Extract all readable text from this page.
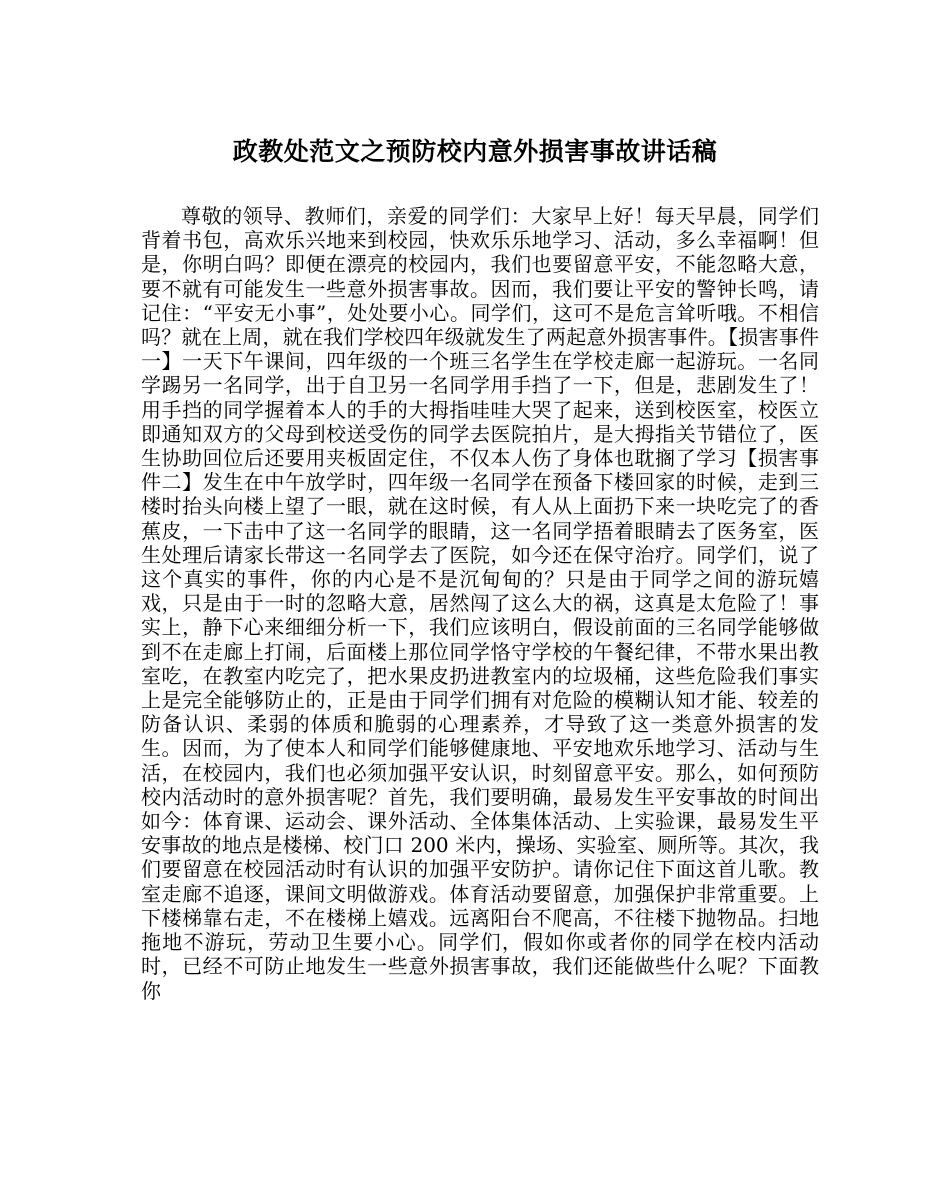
政教处范文之预防校内意外损害事故讲话稿

尊敬的领导、教师们，亲爱的同学们：大家早上好！每天早晨，同学们背着书包，高欢乐兴地来到校园，快欢乐乐地学习、活动，多么幸福啊！但是，你明白吗？即便在漂亮的校园内，我们也要留意平安，不能忽略大意，要不就有可能发生一些意外损害事故。因而，我们要让平安的警钟长鸣，请记住：“平安无小事”，处处要小心。同学们，这可不是危言耸听哦。不相信吗？就在上周，就在我们学校四年级就发生了两起意外损害事件。【损害事件一】一天下午课间，四年级的一个班三名学生在学校走廊一起游玩。一名同学踢另一名同学，出于自卫另一名同学用手挡了一下，但是，悲剧发生了！用手挡的同学握着本人的手的大拇指哇哇大哭了起来，送到校医室，校医立即通知双方的父母到校送受伤的同学去医院拍片，是大拇指关节错位了，医生协助回位后还要用夹板固定住，不仅本人伤了身体也耽搁了学习【损害事件二】发生在中午放学时，四年级一名同学在预备下楼回家的时候，走到三楼时抬头向楼上望了一眼，就在这时候，有人从上面扔下来一块吃完了的香蕉皮，一下击中了这一名同学的眼睛，这一名同学捂着眼睛去了医务室，医生处理后请家长带这一名同学去了医院，如今还在保守治疗。同学们，说了这个真实的事件，你的内心是不是沉甸甸的？只是由于同学之间的游玩嬉戏，只是由于一时的忽略大意，居然闯了这么大的祸，这真是太危险了！事实上，静下心来细细分析一下，我们应该明白，假设前面的三名同学能够做到不在走廊上打闹，后面楼上那位同学恪守学校的午餐纪律，不带水果出教室吃，在教室内吃完了，把水果皮扔进教室内的垃圾桶，这些危险我们事实上是完全能够防止的，正是由于同学们拥有对危险的模糊认知才能、较差的防备认识、柔弱的体质和脆弱的心理素养，才导致了这一类意外损害的发生。因而，为了使本人和同学们能够健康地、平安地欢乐地学习、活动与生活，在校园内，我们也必须加强平安认识，时刻留意平安。那么，如何预防校内活动时的意外损害呢？首先，我们要明确，最易发生平安事故的时间出如今：体育课、运动会、课外活动、全体集体活动、上实验课，最易发生平安事故的地点是楼梯、校门口 200 米内，操场、实验室、厕所等。其次，我们要留意在校园活动时有认识的加强平安防护。请你记住下面这首儿歌。教室走廊不追逐，课间文明做游戏。体育活动要留意，加强保护非常重要。上下楼梯靠右走，不在楼梯上嬉戏。远离阳台不爬高，不往楼下抛物品。扫地拖地不游玩，劳动卫生要小心。同学们，假如你或者你的同学在校内活动时，已经不可防止地发生一些意外损害事故，我们还能做些什么呢？下面教你
